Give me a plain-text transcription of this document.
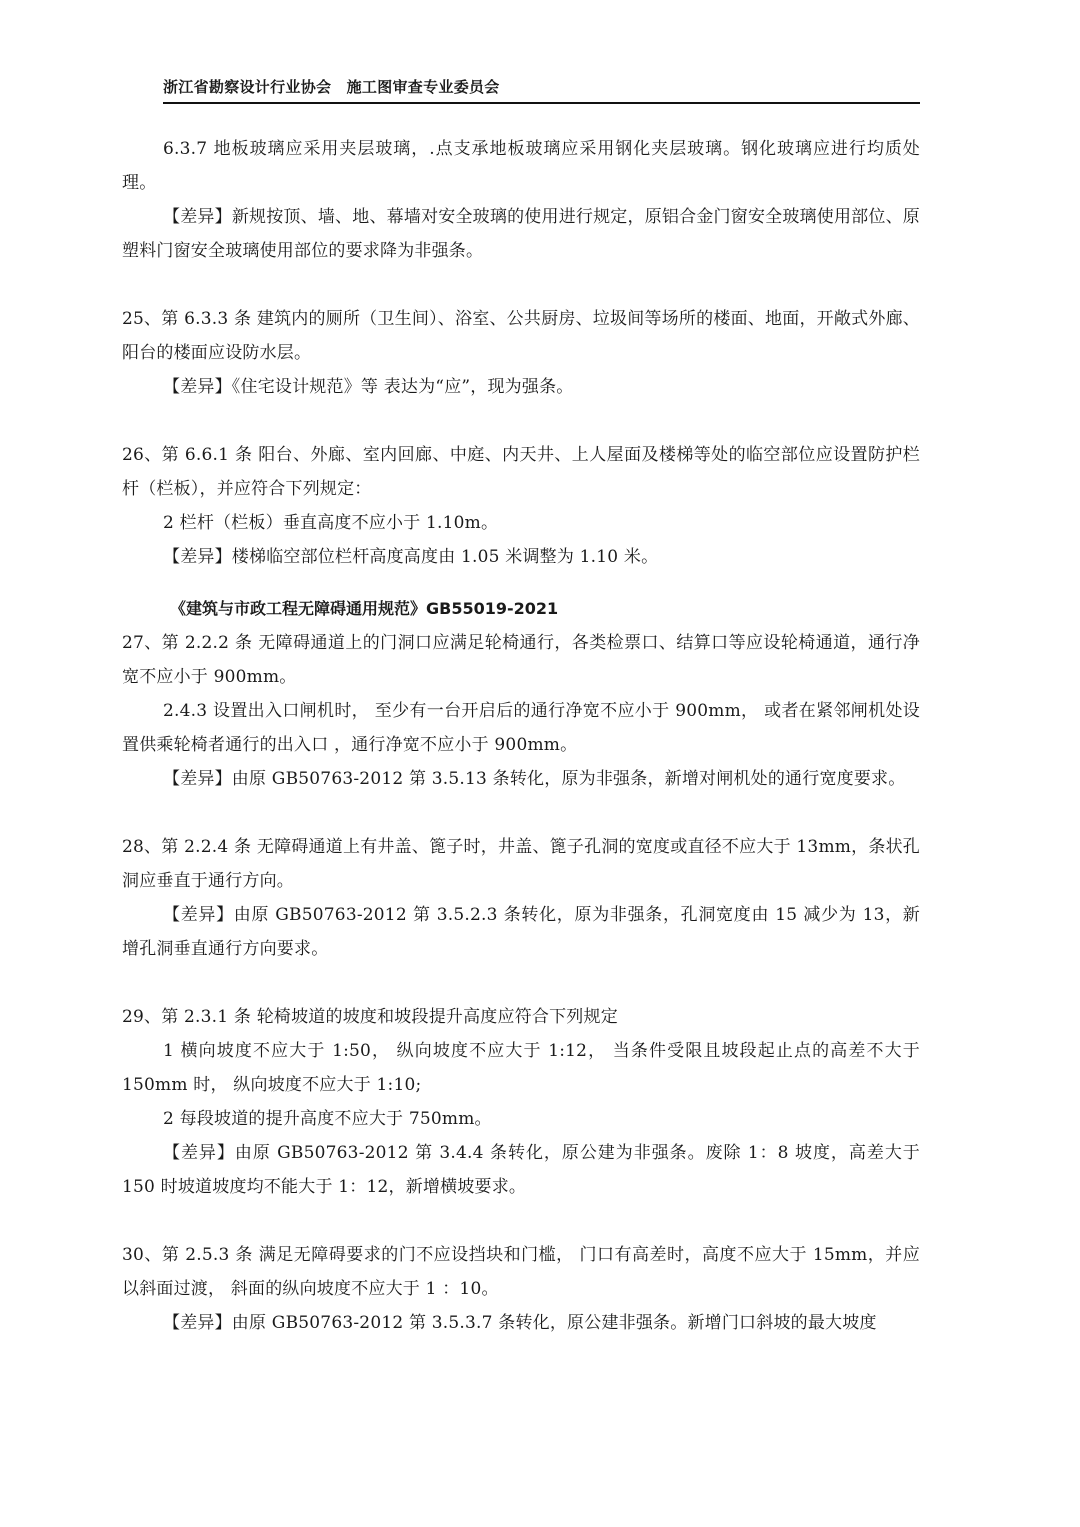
浙江省勘察设计行业协会　施工图审查专业委员会

6.3.7 地板玻璃应采用夹层玻璃，.点支承地板玻璃应采用钢化夹层玻璃。钢化玻璃应进行均质处理。

【差异】新规按顶、墙、地、幕墙对安全玻璃的使用进行规定，原铝合金门窗安全玻璃使用部位、原塑料门窗安全玻璃使用部位的要求降为非强条。

25、第 6.3.3 条 建筑内的厕所（卫生间）、浴室、公共厨房、垃圾间等场所的楼面、地面，开敞式外廊、阳台的楼面应设防水层。

【差异】《住宅设计规范》等 表达为“应”，现为强条。

26、第 6.6.1 条 阳台、外廊、室内回廊、中庭、内天井、上人屋面及楼梯等处的临空部位应设置防护栏杆（栏板），并应符合下列规定：

2 栏杆（栏板）垂直高度不应小于 1.10m。

【差异】楼梯临空部位栏杆高度高度由 1.05 米调整为 1.10 米。

《建筑与市政工程无障碍通用规范》GB55019-2021

27、第 2.2.2 条 无障碍通道上的门洞口应满足轮椅通行，各类检票口、结算口等应设轮椅通道，通行净宽不应小于 900mm。

2.4.3 设置出入口闸机时， 至少有一台开启后的通行净宽不应小于 900mm， 或者在紧邻闸机处设置供乘轮椅者通行的出入口 ，通行净宽不应小于 900mm。

【差异】由原 GB50763-2012 第 3.5.13 条转化，原为非强条，新增对闸机处的通行宽度要求。

28、第 2.2.4 条 无障碍通道上有井盖、篦子时，井盖、篦子孔洞的宽度或直径不应大于 13mm，条状孔洞应垂直于通行方向。

【差异】由原 GB50763-2012 第 3.5.2.3 条转化，原为非强条，孔洞宽度由 15 减少为 13，新增孔洞垂直通行方向要求。

29、第 2.3.1 条 轮椅坡道的坡度和坡段提升高度应符合下列规定

1 横向坡度不应大于 1:50， 纵向坡度不应大于 1:12， 当条件受限且坡段起止点的高差不大于 150mm 时， 纵向坡度不应大于 1:10;

2 每段坡道的提升高度不应大于 750mm。

【差异】由原 GB50763-2012 第 3.4.4 条转化，原公建为非强条。废除 1：8 坡度，高差大于 150 时坡道坡度均不能大于 1：12，新增横坡要求。

30、第 2.5.3 条 满足无障碍要求的门不应设挡块和门槛， 门口有高差时，高度不应大于 15mm，并应以斜面过渡， 斜面的纵向坡度不应大于 1 ：10。

【差异】由原 GB50763-2012 第 3.5.3.7 条转化，原公建非强条。新增门口斜坡的最大坡度
